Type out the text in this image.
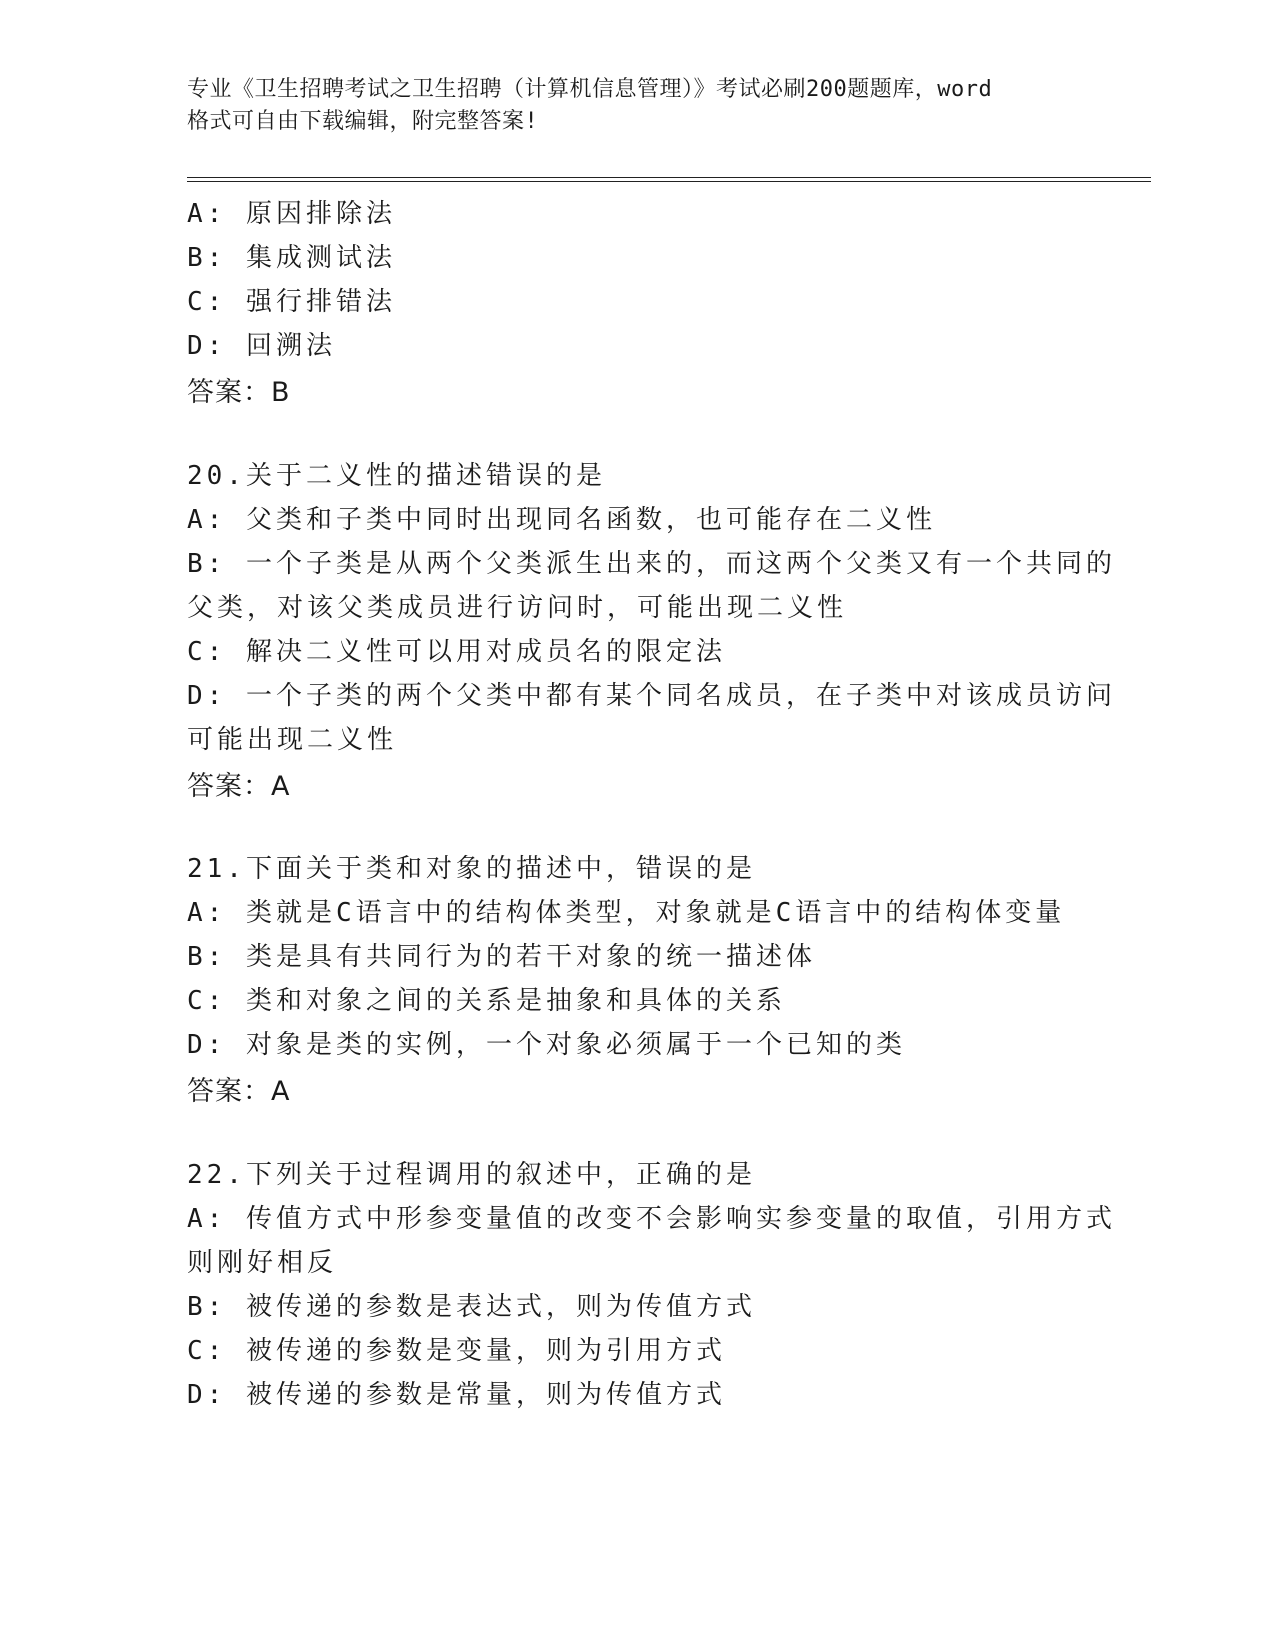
专业《卫生招聘考试之卫生招聘（计算机信息管理）》考试必刷200题题库，word
格式可自由下载编辑，附完整答案!
A: 原因排除法
B: 集成测试法
C: 强行排错法
D: 回溯法
答案：B
20.关于二义性的描述错误的是
A: 父类和子类中同时出现同名函数，也可能存在二义性
B: 一个子类是从两个父类派生出来的，而这两个父类又有一个共同的
父类，对该父类成员进行访问时，可能出现二义性
C: 解决二义性可以用对成员名的限定法
D: 一个子类的两个父类中都有某个同名成员，在子类中对该成员访问
可能出现二义性
答案：A
21.下面关于类和对象的描述中，错误的是
A: 类就是C语言中的结构体类型，对象就是C语言中的结构体变量
B: 类是具有共同行为的若干对象的统一描述体
C: 类和对象之间的关系是抽象和具体的关系
D: 对象是类的实例，一个对象必须属于一个已知的类
答案：A
22.下列关于过程调用的叙述中，正确的是
A: 传值方式中形参变量值的改变不会影响实参变量的取值，引用方式
则刚好相反
B: 被传递的参数是表达式，则为传值方式
C: 被传递的参数是变量，则为引用方式
D: 被传递的参数是常量，则为传值方式
